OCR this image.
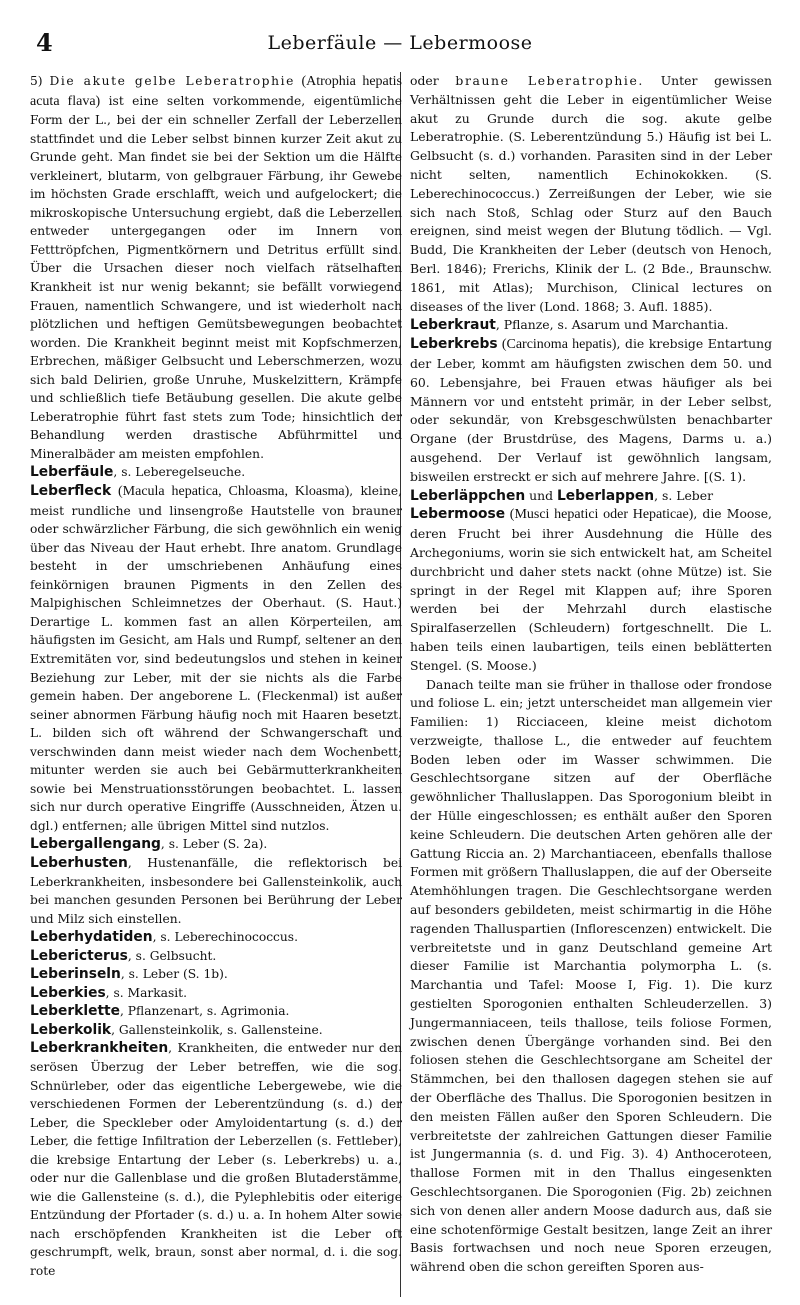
4	Leberfäule — Lebermoose

5) Die akute gelbe Leberatrophie (Atrophia hepatis acuta flava) ist eine selten vorkommende, eigentümliche Form der L., bei der ein schneller Zerfall der Leberzellen stattfindet und die Leber selbst binnen kurzer Zeit akut zu Grunde geht. Man findet sie bei der Sektion um die Hälfte verkleinert, blutarm, von gelbgrauer Färbung, ihr Gewebe im höchsten Grade erschlafft, weich und aufgelockert; die mikroskopische Untersuchung ergiebt, daß die Leberzellen entweder untergegangen oder im Innern von Fetttröpfchen, Pigmentkörnern und Detritus erfüllt sind. Über die Ursachen dieser noch vielfach rätselhaften Krankheit ist nur wenig bekannt; sie befällt vorwiegend Frauen, namentlich Schwangere, und ist wiederholt nach plötzlichen und heftigen Gemütsbewegungen beobachtet worden. Die Krankheit beginnt meist mit Kopfschmerzen, Erbrechen, mäßiger Gelbsucht und Leberschmerzen, wozu sich bald Delirien, große Unruhe, Muskelzittern, Krämpfe und schließlich tiefe Betäubung gesellen. Die akute gelbe Leberatrophie führt fast stets zum Tode; hinsichtlich der Behandlung werden drastische Abführmittel und Mineralbäder am meisten empfohlen.

Leberfäule, s. Leberegelseuche.

Leberfleck (Macula hepatica, Chloasma, Kloasma), kleine, meist rundliche und linsengroße Hautstelle von brauner oder schwärzlicher Färbung, die sich gewöhnlich ein wenig über das Niveau der Haut erhebt. Ihre anatom. Grundlage besteht in der umschriebenen Anhäufung eines feinkörnigen braunen Pigments in den Zellen des Malpighischen Schleimnetzes der Oberhaut. (S. Haut.) Derartige L. kommen fast an allen Körperteilen, am häufigsten im Gesicht, am Hals und Rumpf, seltener an den Extremitäten vor, sind bedeutungslos und stehen in keiner Beziehung zur Leber, mit der sie nichts als die Farbe gemein haben. Der angeborene L. (Fleckenmal) ist außer seiner abnormen Färbung häufig noch mit Haaren besetzt. L. bilden sich oft während der Schwangerschaft und verschwinden dann meist wieder nach dem Wochenbett; mitunter werden sie auch bei Gebärmutterkrankheiten sowie bei Menstruationsstörungen beobachtet. L. lassen sich nur durch operative Eingriffe (Ausschneiden, Ätzen u. dgl.) entfernen; alle übrigen Mittel sind nutzlos.

Lebergallengang, s. Leber (S. 2a).

Leberhusten, Hustenanfälle, die reflektorisch bei Leberkrankheiten, insbesondere bei Gallensteinkolik, auch bei manchen gesunden Personen bei Berührung der Leber und Milz sich einstellen.

Leberhydatiden, s. Leberechinococcus.

Lebericterus, s. Gelbsucht.

Leberinseln, s. Leber (S. 1b).

Leberkies, s. Markasit.

Leberklette, Pflanzenart, s. Agrimonia.

Leberkolik, Gallensteinkolik, s. Gallensteine.

Leberkrankheiten, Krankheiten, die entweder nur den serösen Überzug der Leber betreffen, wie die sog. Schnürleber, oder das eigentliche Lebergewebe, wie die verschiedenen Formen der Leberentzündung (s. d.) der Leber, die Speckleber oder Amyloidentartung (s. d.) der Leber, die fettige Infiltration der Leberzellen (s. Fettleber), die krebsige Entartung der Leber (s. Leberkrebs) u. a., oder nur die Gallenblase und die großen Blutaderstämme, wie die Gallensteine (s. d.), die Pylephlebitis oder eiterige Entzündung der Pfortader (s. d.) u. a. In hohem Alter sowie nach erschöpfenden Krankheiten ist die Leber oft geschrumpft, welk, braun, sonst aber normal, d. i. die sog. rote

oder braune Leberatrophie. Unter gewissen Verhältnissen geht die Leber in eigentümlicher Weise akut zu Grunde durch die sog. akute gelbe Leberatrophie. (S. Leberentzündung 5.) Häufig ist bei L. Gelbsucht (s. d.) vorhanden. Parasiten sind in der Leber nicht selten, namentlich Echinokokken. (S. Leberechinococcus.) Zerreißungen der Leber, wie sie sich nach Stoß, Schlag oder Sturz auf den Bauch ereignen, sind meist wegen der Blutung tödlich. — Vgl. Budd, Die Krankheiten der Leber (deutsch von Henoch, Berl. 1846); Frerichs, Klinik der L. (2 Bde., Braunschw. 1861, mit Atlas); Murchison, Clinical lectures on diseases of the liver (Lond. 1868; 3. Aufl. 1885).

Leberkraut, Pflanze, s. Asarum und Marchantia.

Leberkrebs (Carcinoma hepatis), die krebsige Entartung der Leber, kommt am häufigsten zwischen dem 50. und 60. Lebensjahre, bei Frauen etwas häufiger als bei Männern vor und entsteht primär, in der Leber selbst, oder sekundär, von Krebsgeschwülsten benachbarter Organe (der Brustdrüse, des Magens, Darms u. a.) ausgehend. Der Verlauf ist gewöhnlich langsam, bisweilen erstreckt er sich auf mehrere Jahre. [(S. 1).

Leberläppchen und Leberlappen, s. Leber

Lebermoose (Musci hepatici oder Hepaticae), die Moose, deren Frucht bei ihrer Ausdehnung die Hülle des Archegoniums, worin sie sich entwickelt hat, am Scheitel durchbricht und daher stets nackt (ohne Mütze) ist. Sie springt in der Regel mit Klappen auf; ihre Sporen werden bei der Mehrzahl durch elastische Spiralfaserzellen (Schleudern) fortgeschnellt. Die L. haben teils einen laubartigen, teils einen beblätterten Stengel. (S. Moose.)

Danach teilte man sie früher in thallose oder frondose und foliose L. ein; jetzt unterscheidet man allgemein vier Familien: 1) Ricciaceen, kleine meist dichotom verzweigte, thallose L., die entweder auf feuchtem Boden leben oder im Wasser schwimmen. Die Geschlechtsorgane sitzen auf der Oberfläche gewöhnlicher Thalluslappen. Das Sporogonium bleibt in der Hülle eingeschlossen; es enthält außer den Sporen keine Schleudern. Die deutschen Arten gehören alle der Gattung Riccia an. 2) Marchantiaceen, ebenfalls thallose Formen mit größern Thalluslappen, die auf der Oberseite Atemhöhlungen tragen. Die Geschlechtsorgane werden auf besonders gebildeten, meist schirmartig in die Höhe ragenden Thalluspartien (Inflorescenzen) entwickelt. Die verbreitetste und in ganz Deutschland gemeine Art dieser Familie ist Marchantia polymorpha L. (s. Marchantia und Tafel: Moose I, Fig. 1). Die kurz gestielten Sporogonien enthalten Schleuderzellen. 3) Jungermanniaceen, teils thallose, teils foliose Formen, zwischen denen Übergänge vorhanden sind. Bei den foliosen stehen die Geschlechtsorgane am Scheitel der Stämmchen, bei den thallosen dagegen stehen sie auf der Oberfläche des Thallus. Die Sporogonien besitzen in den meisten Fällen außer den Sporen Schleudern. Die verbreitetste der zahlreichen Gattungen dieser Familie ist Jungermannia (s. d. und Fig. 3). 4) Anthoceroteen, thallose Formen mit in den Thallus eingesenkten Geschlechtsorganen. Die Sporogonien (Fig. 2b) zeichnen sich von denen aller andern Moose dadurch aus, daß sie eine schotenförmige Gestalt besitzen, lange Zeit an ihrer Basis fortwachsen und noch neue Sporen erzeugen, während oben die schon gereiften Sporen aus-
